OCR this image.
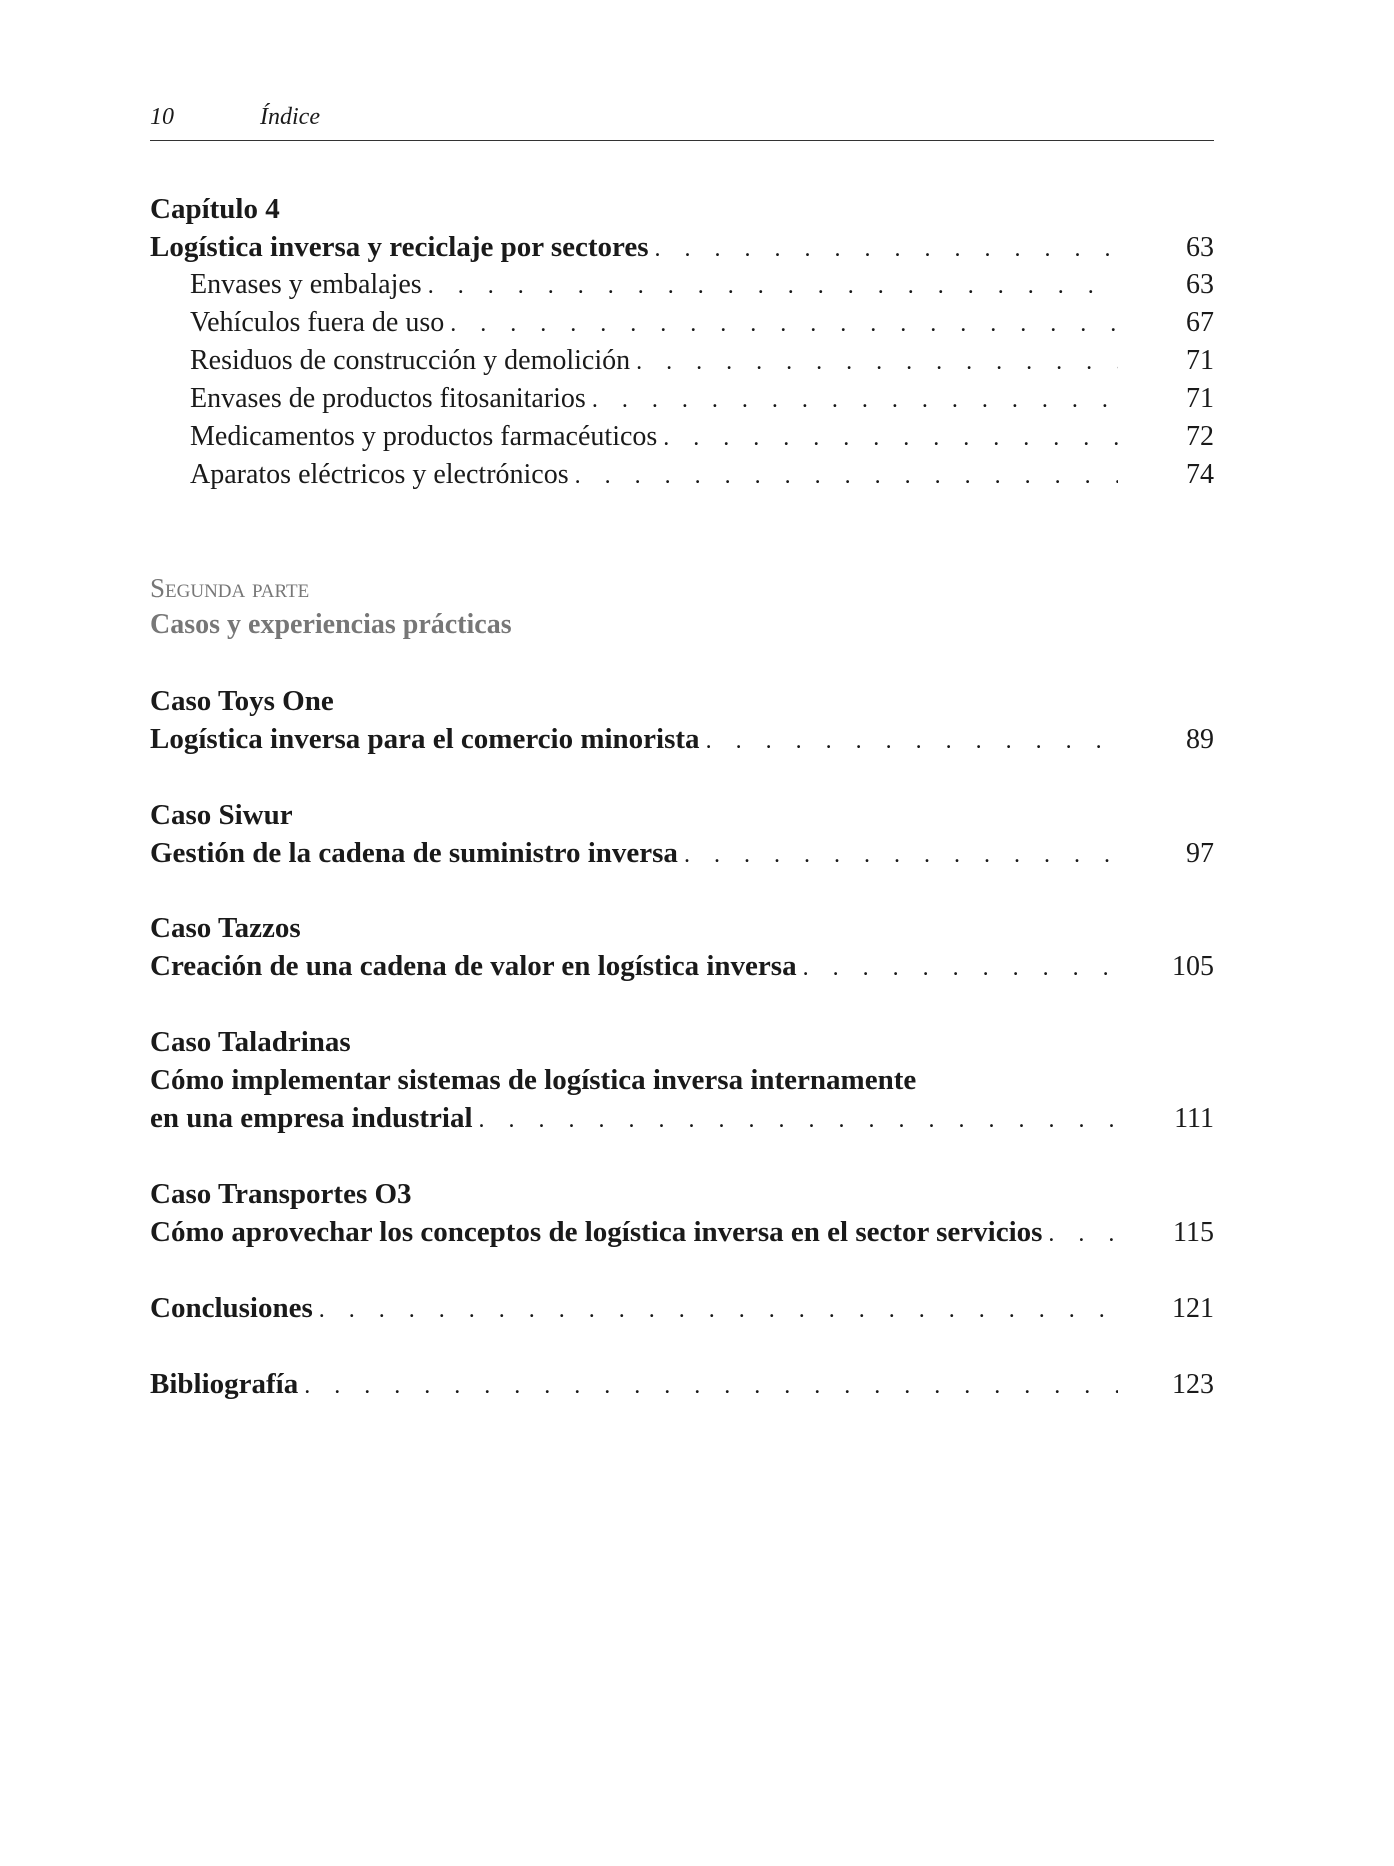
10	Índice
Capítulo 4
Logística inversa y reciclaje por sectores . . .	63
Envases y embalajes . . .	63
Vehículos fuera de uso . . .	67
Residuos de construcción y demolición . . .	71
Envases de productos fitosanitarios . . .	71
Medicamentos y productos farmacéuticos . . .	72
Aparatos eléctricos y electrónicos . . .	74
Segunda parte
Casos y experiencias prácticas
Caso Toys One
Logística inversa para el comercio minorista . . .	89
Caso Siwur
Gestión de la cadena de suministro inversa . . .	97
Caso Tazzos
Creación de una cadena de valor en logística inversa . . .	105
Caso Taladrinas
Cómo implementar sistemas de logística inversa internamente
en una empresa industrial . . .	111
Caso Transportes O3
Cómo aprovechar los conceptos de logística inversa en el sector servicios . . .	115
Conclusiones . . .	121
Bibliografía . . .	123
